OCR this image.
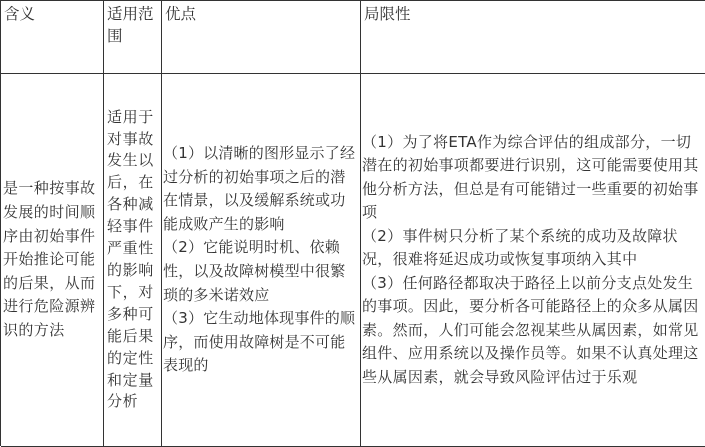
含义	适用范围
优点	局限性
是一种按事故发展的时间顺序由初始事件开始推论可能的后果，从而进行危险源辨识的方法
适用于对事故发生以后，在各种减轻事件严重性的影响下，对多种可能后果的定性和定量分析
（1）以清晰的图形显示了经过分析的初始事项之后的潜在情景，以及缓解系统或功能成败产生的影响
（2）它能说明时机、依赖性，以及故障树模型中很繁琐的多米诺效应
（3）它生动地体现事件的顺序，而使用故障树是不可能表现的
（1）为了将ETA作为综合评估的组成部分，一切潜在的初始事项都要进行识别，这可能需要使用其他分析方法，但总是有可能错过一些重要的初始事项
（2）事件树只分析了某个系统的成功及故障状况，很难将延迟成功或恢复事项纳入其中
（3）任何路径都取决于路径上以前分支点处发生的事项。因此，要分析各可能路径上的众多从属因素。然而，人们可能会忽视某些从属因素，如常见组件、应用系统以及操作员等。如果不认真处理这些从属因素，就会导致风险评估过于乐观
